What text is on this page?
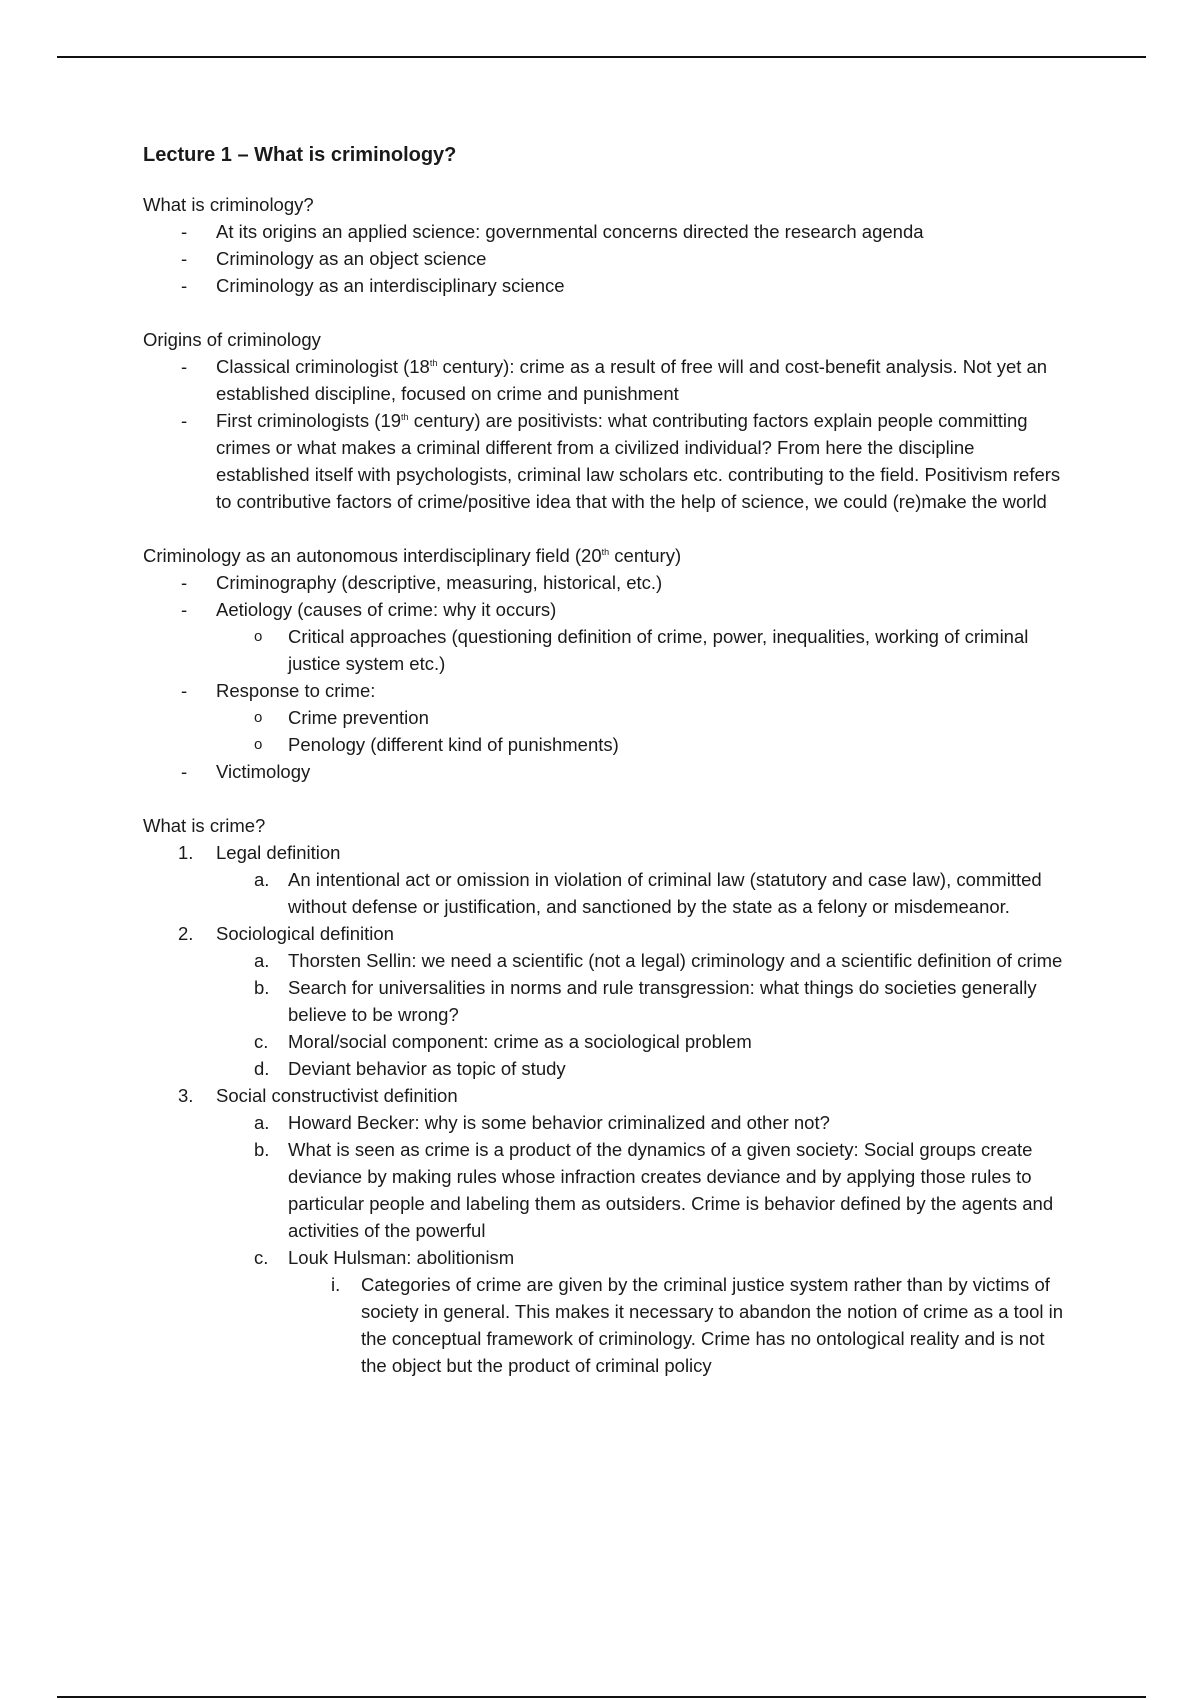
Lecture 1 – What is criminology?

What is criminology?

- At its origins an applied science: governmental concerns directed the research agenda
- Criminology as an object science
- Criminology as an interdisciplinary science

Origins of criminology

- Classical criminologist (18th century): crime as a result of free will and cost-benefit analysis. Not yet an established discipline, focused on crime and punishment
- First criminologists (19th century) are positivists: what contributing factors explain people committing crimes or what makes a criminal different from a civilized individual? From here the discipline established itself with psychologists, criminal law scholars etc. contributing to the field. Positivism refers to contributive factors of crime/positive idea that with the help of science, we could (re)make the world

Criminology as an autonomous interdisciplinary field (20th century)

- Criminography (descriptive, measuring, historical, etc.)
- Aetiology (causes of crime: why it occurs)
o Critical approaches (questioning definition of crime, power, inequalities, working of criminal justice system etc.)
- Response to crime:
o Crime prevention
o Penology (different kind of punishments)
- Victimology

What is crime?

1. Legal definition
a. An intentional act or omission in violation of criminal law (statutory and case law), committed without defense or justification, and sanctioned by the state as a felony or misdemeanor.
2. Sociological definition
a. Thorsten Sellin: we need a scientific (not a legal) criminology and a scientific definition of crime
b. Search for universalities in norms and rule transgression: what things do societies generally believe to be wrong?
c. Moral/social component: crime as a sociological problem
d. Deviant behavior as topic of study
3. Social constructivist definition
a. Howard Becker: why is some behavior criminalized and other not?
b. What is seen as crime is a product of the dynamics of a given society: Social groups create deviance by making rules whose infraction creates deviance and by applying those rules to particular people and labeling them as outsiders. Crime is behavior defined by the agents and activities of the powerful
c. Louk Hulsman: abolitionism
i. Categories of crime are given by the criminal justice system rather than by victims of society in general. This makes it necessary to abandon the notion of crime as a tool in the conceptual framework of criminology. Crime has no ontological reality and is not the object but the product of criminal policy
